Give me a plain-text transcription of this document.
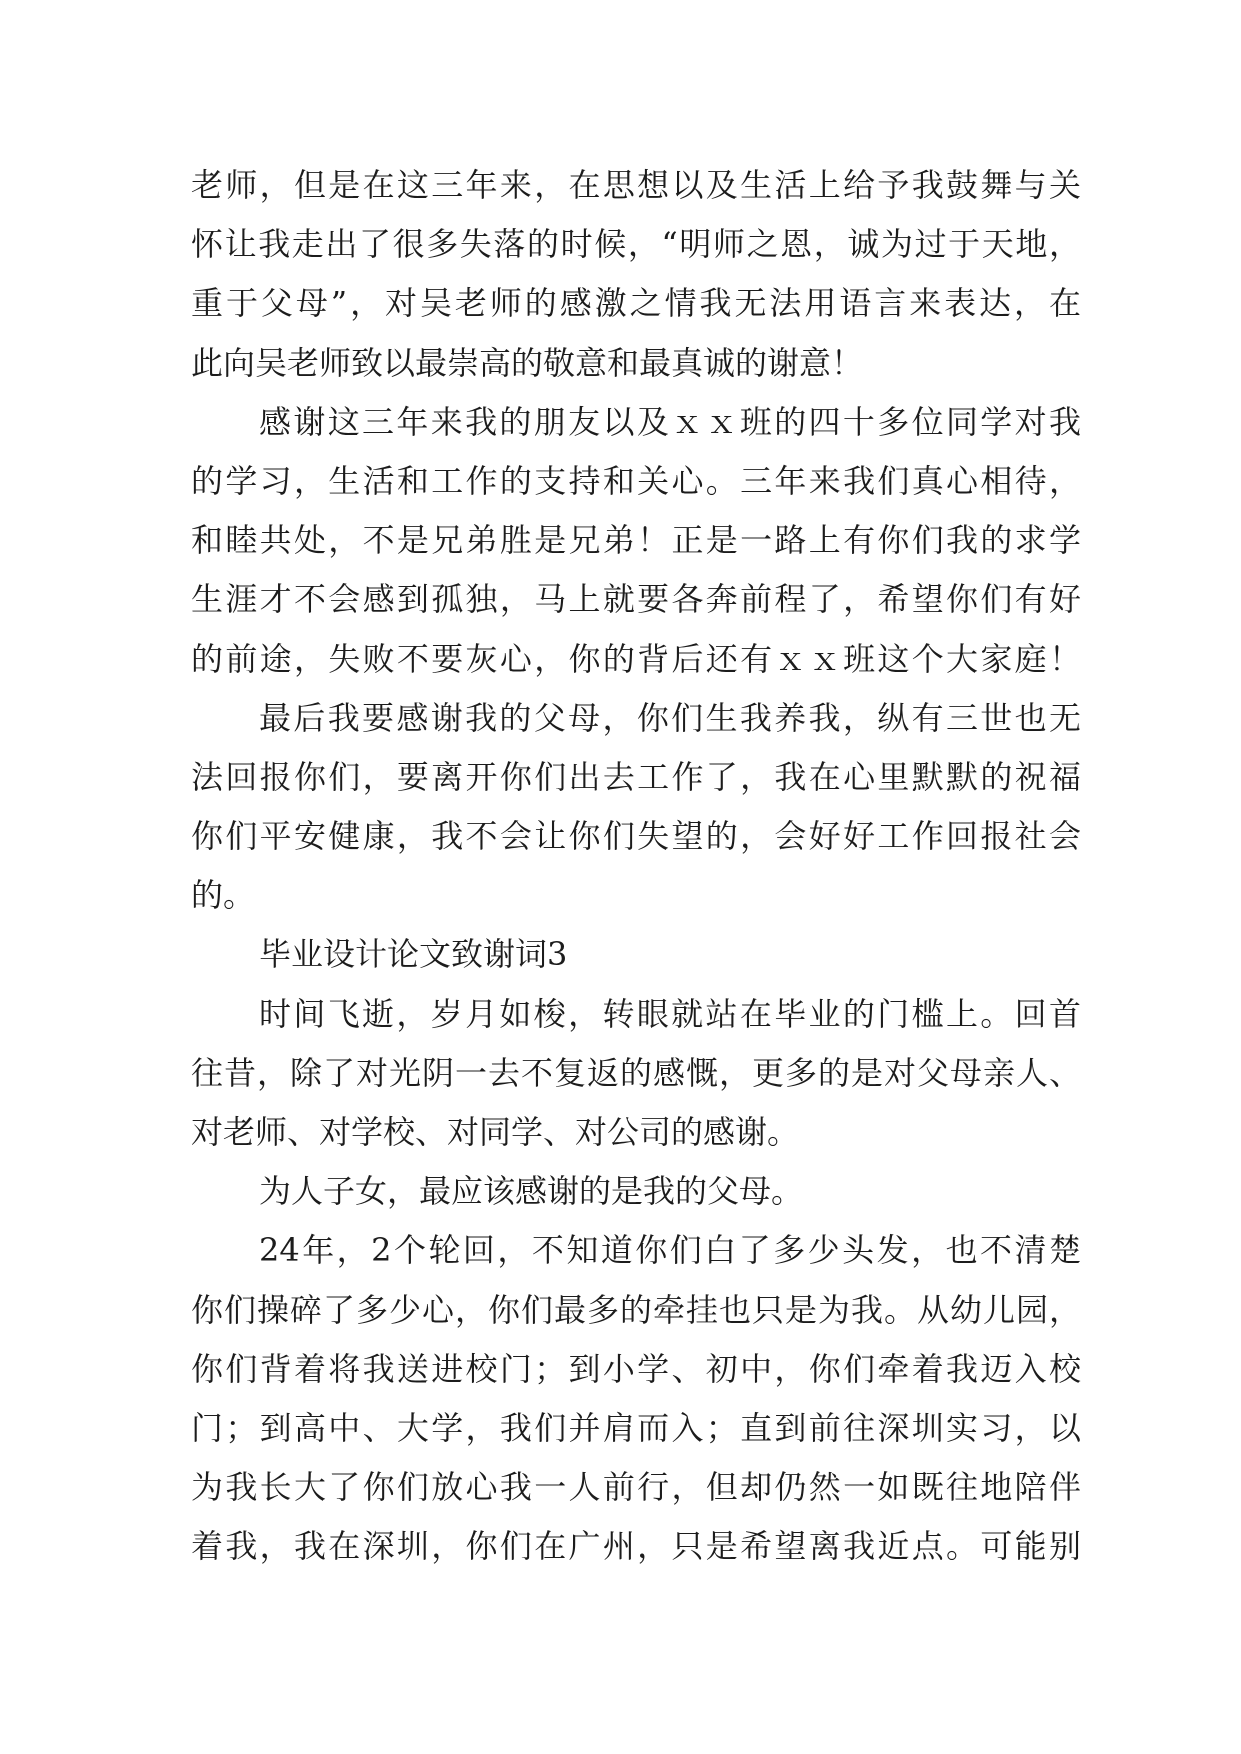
老师，但是在这三年来，在思想以及生活上给予我鼓舞与关
怀让我走出了很多失落的时候，“明师之恩，诚为过于天地，
重于父母”，对吴老师的感激之情我无法用语言来表达，在
此向吴老师致以最崇高的敬意和最真诚的谢意！
感谢这三年来我的朋友以及ｘｘ班的四十多位同学对我
的学习，生活和工作的支持和关心。三年来我们真心相待，
和睦共处，不是兄弟胜是兄弟！正是一路上有你们我的求学
生涯才不会感到孤独，马上就要各奔前程了，希望你们有好
的前途，失败不要灰心，你的背后还有ｘｘ班这个大家庭！
最后我要感谢我的父母，你们生我养我，纵有三世也无
法回报你们，要离开你们出去工作了，我在心里默默的祝福
你们平安健康，我不会让你们失望的，会好好工作回报社会
的。
毕业设计论文致谢词3
时间飞逝，岁月如梭，转眼就站在毕业的门槛上。回首
往昔，除了对光阴一去不复返的感慨，更多的是对父母亲人、
对老师、对学校、对同学、对公司的感谢。
为人子女，最应该感谢的是我的父母。
24年，2个轮回，不知道你们白了多少头发，也不清楚
你们操碎了多少心，你们最多的牵挂也只是为我。从幼儿园，
你们背着将我送进校门；到小学、初中，你们牵着我迈入校
门；到高中、大学，我们并肩而入；直到前往深圳实习，以
为我长大了你们放心我一人前行，但却仍然一如既往地陪伴
着我，我在深圳，你们在广州，只是希望离我近点。可能别
